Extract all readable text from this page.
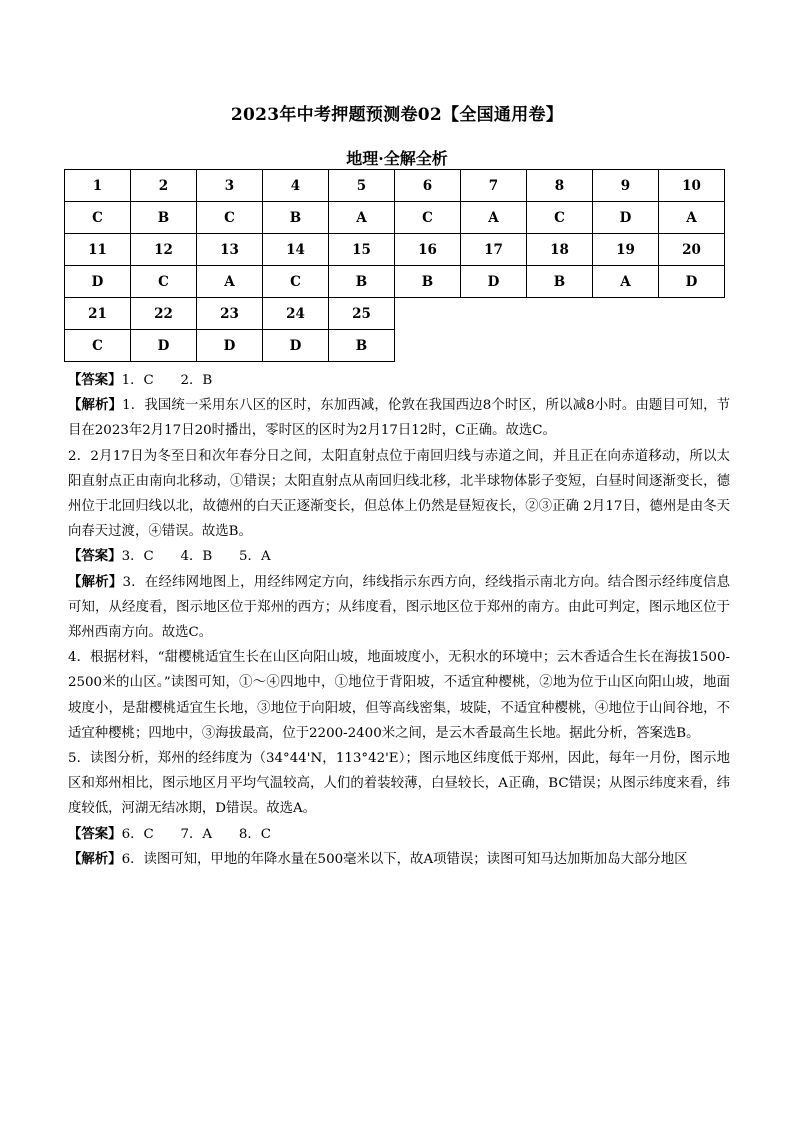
2023年中考押题预测卷02【全国通用卷】
地理·全解全析
1	2	3	4	5	6	7	8	9	10
C	B	C	B	A	C	A	C	D	A
11	12	13	14	15	16	17	18	19	20
D	C	A	C	B	B	D	B	A	D
21	22	23	24	25					
C	D	D	D	B					

【答案】1．C　　2．B

【解析】1．我国统一采用东八区的区时，东加西减，伦敦在我国西边8个时区，所以减8小时。由题目可知，节目在2023年2月17日20时播出，零时区的区时为2月17日12时，C正确。故选C。

2．2月17日为冬至日和次年春分日之间，太阳直射点位于南回归线与赤道之间，并且正在向赤道移动，所以太阳直射点正由南向北移动，①错误；太阳直射点从南回归线北移，北半球物体影子变短，白昼时间逐渐变长，德州位于北回归线以北，故德州的白天正逐渐变长，但总体上仍然是昼短夜长，②③正确 2月17日，德州是由冬天向春天过渡，④错误。故选B。

【答案】3．C　　4．B　　5．A

【解析】3．在经纬网地图上，用经纬网定方向，纬线指示东西方向，经线指示南北方向。结合图示经纬度信息可知，从经度看，图示地区位于郑州的西方；从纬度看，图示地区位于郑州的南方。由此可判定，图示地区位于郑州西南方向。故选C。

4．根据材料，“甜樱桃适宜生长在山区向阳山坡，地面坡度小，无积水的环境中；云木香适合生长在海拔1500-2500米的山区。”读图可知，①～④四地中，①地位于背阳坡，不适宜种樱桃，②地为位于山区向阳山坡，地面坡度小，是甜樱桃适宜生长地，③地位于向阳坡，但等高线密集，坡陡，不适宜种樱桃，④地位于山间谷地，不适宜种樱桃；四地中，③海拔最高，位于2200-2400米之间，是云木香最高生长地。据此分析，答案选B。

5．读图分析，郑州的经纬度为（34°44'N，113°42'E）；图示地区纬度低于郑州，因此，每年一月份，图示地区和郑州相比，图示地区月平均气温较高，人们的着装较薄，白昼较长，A正确，BC错误；从图示纬度来看，纬度较低，河湖无结冰期，D错误。故选A。

【答案】6．C　　7．A　　8．C

【解析】6．读图可知，甲地的年降水量在500毫米以下，故A项错误；读图可知马达加斯加岛大部分地区
